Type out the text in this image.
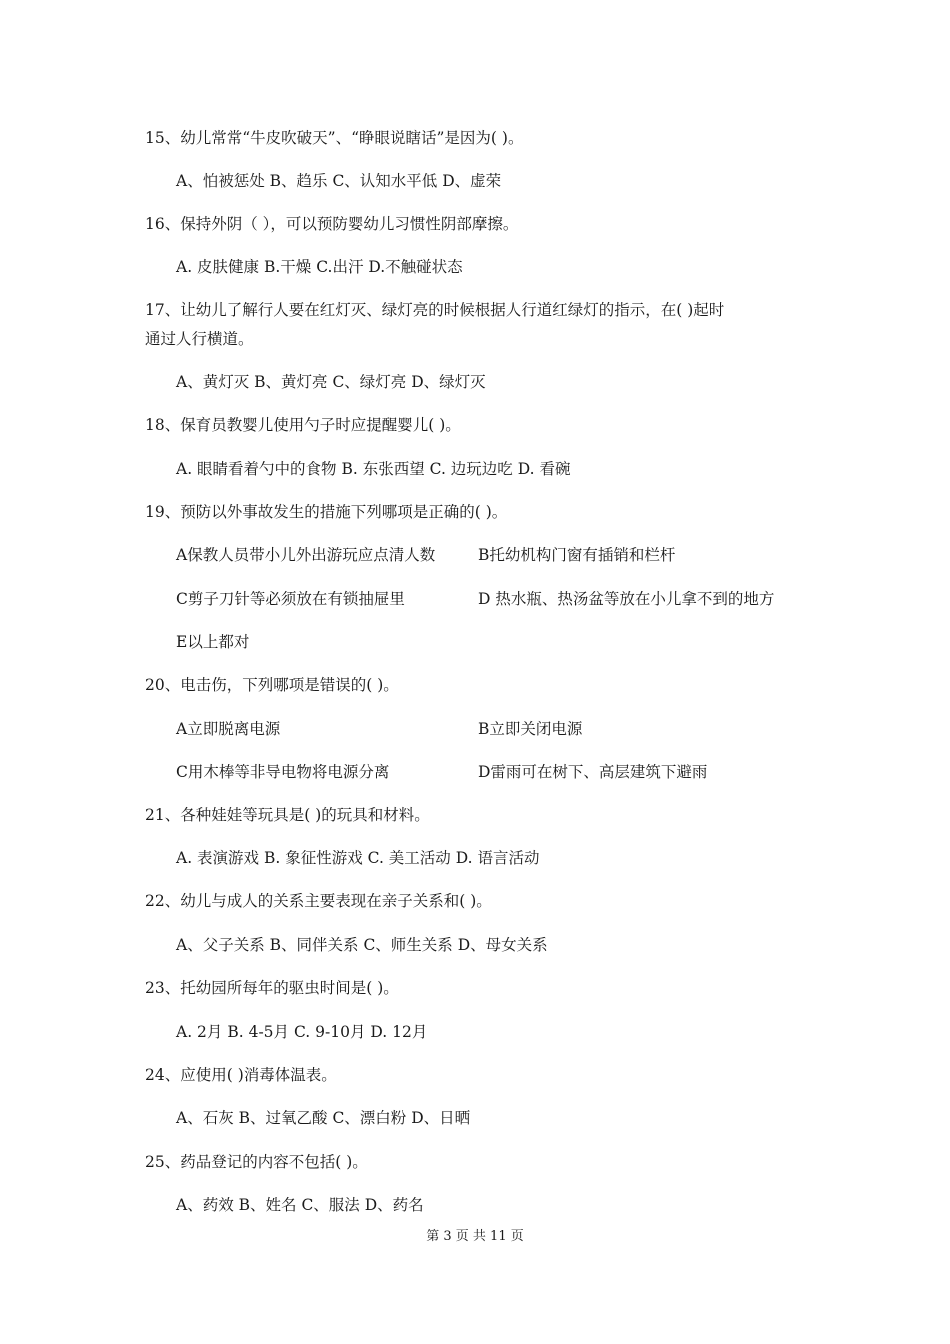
15、幼儿常常“牛皮吹破天”、“睁眼说瞎话”是因为( )。
A、怕被惩处 B、趋乐 C、认知水平低 D、虚荣
16、保持外阴（ ），可以预防婴幼儿习惯性阴部摩擦。
A. 皮肤健康 B.干燥 C.出汗 D.不触碰状态
17、让幼儿了解行人要在红灯灭、绿灯亮的时候根据人行道红绿灯的指示，在( )起时
通过人行横道。
A、黄灯灭 B、黄灯亮 C、绿灯亮 D、绿灯灭
18、保育员教婴儿使用勺子时应提醒婴儿( )。
A. 眼睛看着勺中的食物 B. 东张西望 C. 边玩边吃 D. 看碗
19、预防以外事故发生的措施下列哪项是正确的( )。
A保教人员带小儿外出游玩应点清人数	B托幼机构门窗有插销和栏杆
C剪子刀针等必须放在有锁抽屉里	D 热水瓶、热汤盆等放在小儿拿不到的地方
E以上都对
20、电击伤，下列哪项是错误的( )。
A立即脱离电源	B立即关闭电源
C用木棒等非导电物将电源分离	D雷雨可在树下、高层建筑下避雨
21、各种娃娃等玩具是( )的玩具和材料。
A. 表演游戏 B. 象征性游戏 C. 美工活动 D. 语言活动
22、幼儿与成人的关系主要表现在亲子关系和( )。
A、父子关系 B、同伴关系 C、师生关系 D、母女关系
23、托幼园所每年的驱虫时间是( )。
A. 2月 B. 4-5月 C. 9-10月 D. 12月
24、应使用( )消毒体温表。
A、石灰 B、过氧乙酸 C、漂白粉 D、日晒
25、药品登记的内容不包括( )。
A、药效 B、姓名 C、服法 D、药名
第 3 页 共 11 页
